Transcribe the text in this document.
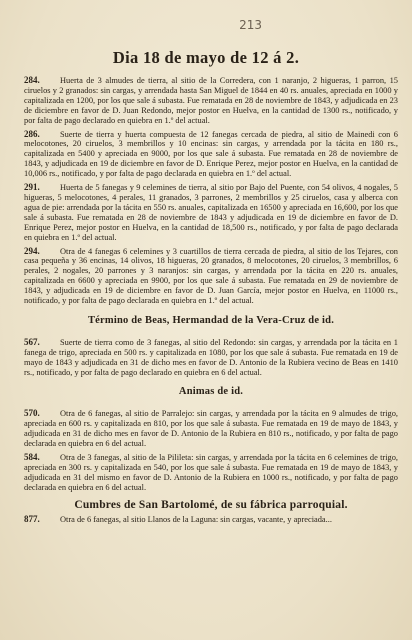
213
Dia 18 de mayo de 12 á 2.

284. Huerta de 3 almudes de tierra, al sitio de la Corredera, con 1 naranjo, 2 higueras, 1 parron, 15 ciruelos y 2 granados: sin cargas, y arrendada hasta San Miguel de 1844 en 40 rs. anuales, apreciada en 1000 y capitalizada en 1200, por los que sale á subasta. Fue rematada en 28 de noviembre de 1843, y adjudicada en 23 de diciembre en favor de D. Juan Redondo, mejor postor en Huelva, en la cantidad de 1300 rs., notificado, y por falta de pago declarado en quiebra en 1.º del actual.

286. Suerte de tierra y huerta compuesta de 12 fanegas cercada de piedra, al sitio de Mainedi con 6 melocotones, 20 ciruelos, 3 membrillos y 10 encinas: sin cargas, y arrendada por la tácita en 180 rs., capitalizada en 5400 y apreciada en 9000, por los que sale á subasta. Fue rematada en 28 de noviembre de 1843, y adjudicada en 19 de diciembre en favor de D. Enrique Perez, mejor postor en Huelva, en la cantidad de 10,006 rs., notificado, y por falta de pago declarada en quiebra en 1.º del actual.

291. Huerta de 5 fanegas y 9 celemines de tierra, al sitio por Bajo del Puente, con 54 olivos, 4 nogales, 5 higueras, 5 melocotones, 4 perales, 11 granados, 3 parrones, 2 membrillos y 25 ciruelos, casa y alberca con agua de pie: arrendada por la tácita en 550 rs. anuales, capitalizada en 16500 y apreciada en 16,600, por los que sale á subasta. Fue rematada en 28 de noviembre de 1843 y adjudicada en 19 de diciembre en favor de D. Enrique Perez, mejor postor en Huelva, en la cantidad de 18,500 rs., notificado, y por falta de pago declarada en quiebra en 1.º del actual.

294. Otra de 4 fanegas 6 celemines y 3 cuartillos de tierra cercada de piedra, al sitio de los Tejares, con casa pequeña y 36 encinas, 14 olivos, 18 higueras, 20 granados, 8 melocotones, 20 ciruelos, 3 membrillos, 6 perales, 2 nogales, 20 parrones y 3 naranjos: sin cargas, y arrendada por la tácita en 220 rs. anuales, capitalizada en 6600 y apreciada en 9900, por los que sale á subasta. Fue rematada en 29 de noviembre de 1843, y adjudicada en 19 de diciembre en favor de D. Juan García, mejor postor en Huelva, en 11000 rs., notificado, y por falta de pago declarada en quiebra en 1.º del actual.

Término de Beas, Hermandad de la Vera-Cruz de id.

567. Suerte de tierra como de 3 fanegas, al sitio del Redondo: sin cargas, y arrendada por la tácita en 1 fanega de trigo, apreciada en 500 rs. y capitalizada en 1080, por los que sale á subasta. Fue rematada en 19 de mayo de 1843 y adjudicada en 31 de dicho mes en favor de D. Antonio de la Rubiera vecino de Beas en 1410 rs., notificado, y por falta de pago declarado en quiebra en 6 del actual.

Animas de id.

570. Otra de 6 fanegas, al sitio de Parralejo: sin cargas, y arrendada por la tácita en 9 almudes de trigo, apreciada en 600 rs. y capitalizada en 810, por los que sale á subasta. Fue rematada en 19 de mayo de 1843, y adjudicada en 31 de dicho mes en favor de D. Antonio de la Rubiera en 810 rs., notificado, y por falta de pago declarada en quiebra en 6 del actual.

584. Otra de 3 fanegas, al sitio de la Pilileta: sin cargas, y arrendada por la tácita en 6 celemines de trigo, apreciada en 300 rs. y capitalizada en 540, por los que sale á subasta. Fue rematada en 19 de mayo de 1843, y adjudicada en 31 del mismo en favor de D. Antonio de la Rubiera en 1000 rs., notificado, y por falta de pago declarada en quiebra en 6 del actual.

Cumbres de San Bartolomé, de su fábrica parroquial.

877. Otra de 6 fanegas, al sitio Llanos de la Laguna: sin cargas, vacante, y apreciada...
